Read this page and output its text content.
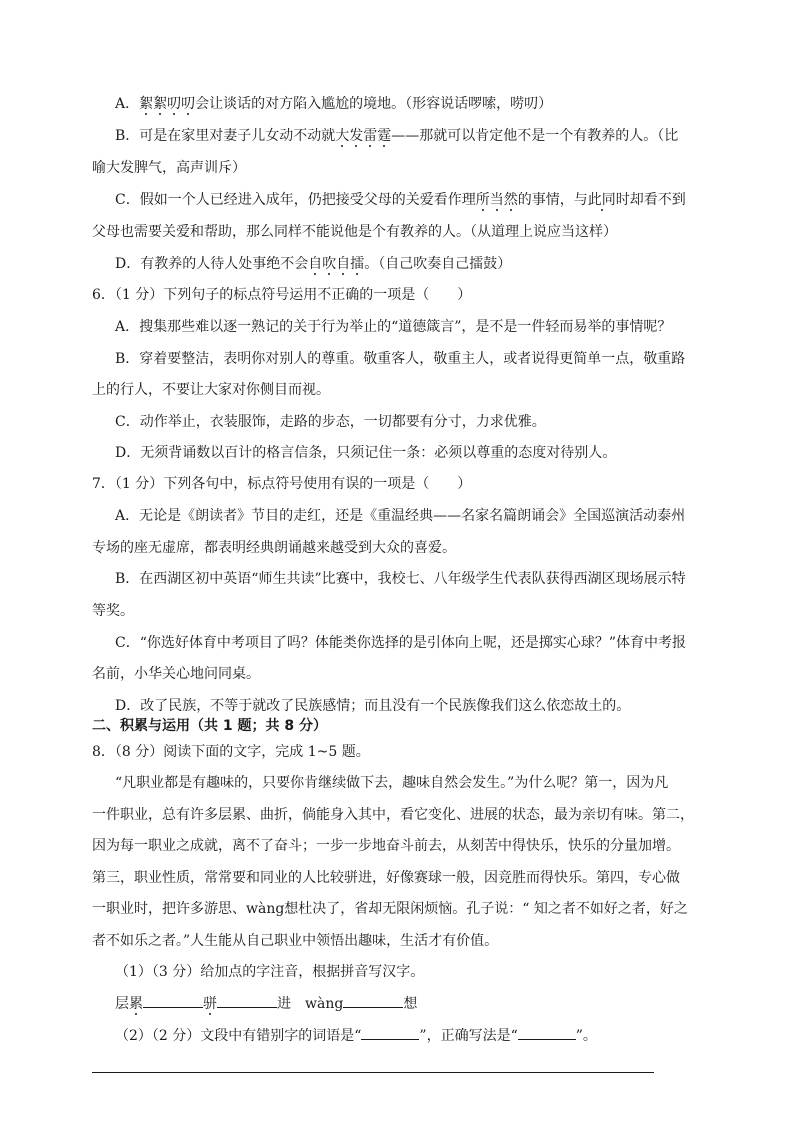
A．絮絮叨叨会让谈话的对方陷入尴尬的境地。（形容说话啰嗦，唠叨）
B．可是在家里对妻子儿女动不动就大发雷霆——那就可以肯定他不是一个有教养的人。（比
喻大发脾气，高声训斥）
C．假如一个人已经进入成年，仍把接受父母的关爱看作理所当然的事情，与此同时却看不到
父母也需要关爱和帮助，那么同样不能说他是个有教养的人。（从道理上说应当这样）
D．有教养的人待人处事绝不会自吹自擂。（自己吹奏自己擂鼓）
6．（1 分）下列句子的标点符号运用不正确的一项是（　　）
A．搜集那些难以逐一熟记的关于行为举止的“道德箴言”，是不是一件轻而易举的事情呢？
B．穿着要整洁，表明你对别人的尊重。敬重客人，敬重主人，或者说得更简单一点，敬重路
上的行人，不要让大家对你侧目而视。
C．动作举止，衣装服饰，走路的步态，一切都要有分寸，力求优雅。
D．无须背诵数以百计的格言信条，只须记住一条：必须以尊重的态度对待别人。
7．（1 分）下列各句中，标点符号使用有误的一项是（　　）
A．无论是《朗读者》节目的走红，还是《重温经典——名家名篇朗诵会》全国巡演活动泰州
专场的座无虚席，都表明经典朗诵越来越受到大众的喜爱。
B．在西湖区初中英语“师生共读”比赛中，我校七、八年级学生代表队获得西湖区现场展示特
等奖。
C．“你选好体育中考项目了吗？体能类你选择的是引体向上呢，还是掷实心球？”体育中考报
名前，小华关心地问同桌。
D．改了民族，不等于就改了民族感情；而且没有一个民族像我们这么依恋故土的。
二、积累与运用（共 1 题；共 8 分）
8．（8 分）阅读下面的文字，完成 1~5 题。
“凡职业都是有趣味的，只要你肯继续做下去，趣味自然会发生。”为什么呢？第一，因为凡
一件职业，总有许多层累、曲折，倘能身入其中，看它变化、进展的状态，最为亲切有味。第二，
因为每一职业之成就，离不了奋斗；一步一步地奋斗前去，从刻苦中得快乐，快乐的分量加增。
第三，职业性质，常常要和同业的人比较骈进，好像赛球一般，因竞胜而得快乐。第四，专心做
一职业时，把许多游思、wàng想杜决了，省却无限闲烦恼。孔子说：“ 知之者不如好之者，好之
者不如乐之者。”人生能从自己职业中领悟出趣味，生活才有价值。
（1）（3 分）给加点的字注音，根据拼音写汉字。
层累	骈	进　 wàng	想
（2）（2 分）文段中有错别字的词语是“	”，正确写法是“	”。
